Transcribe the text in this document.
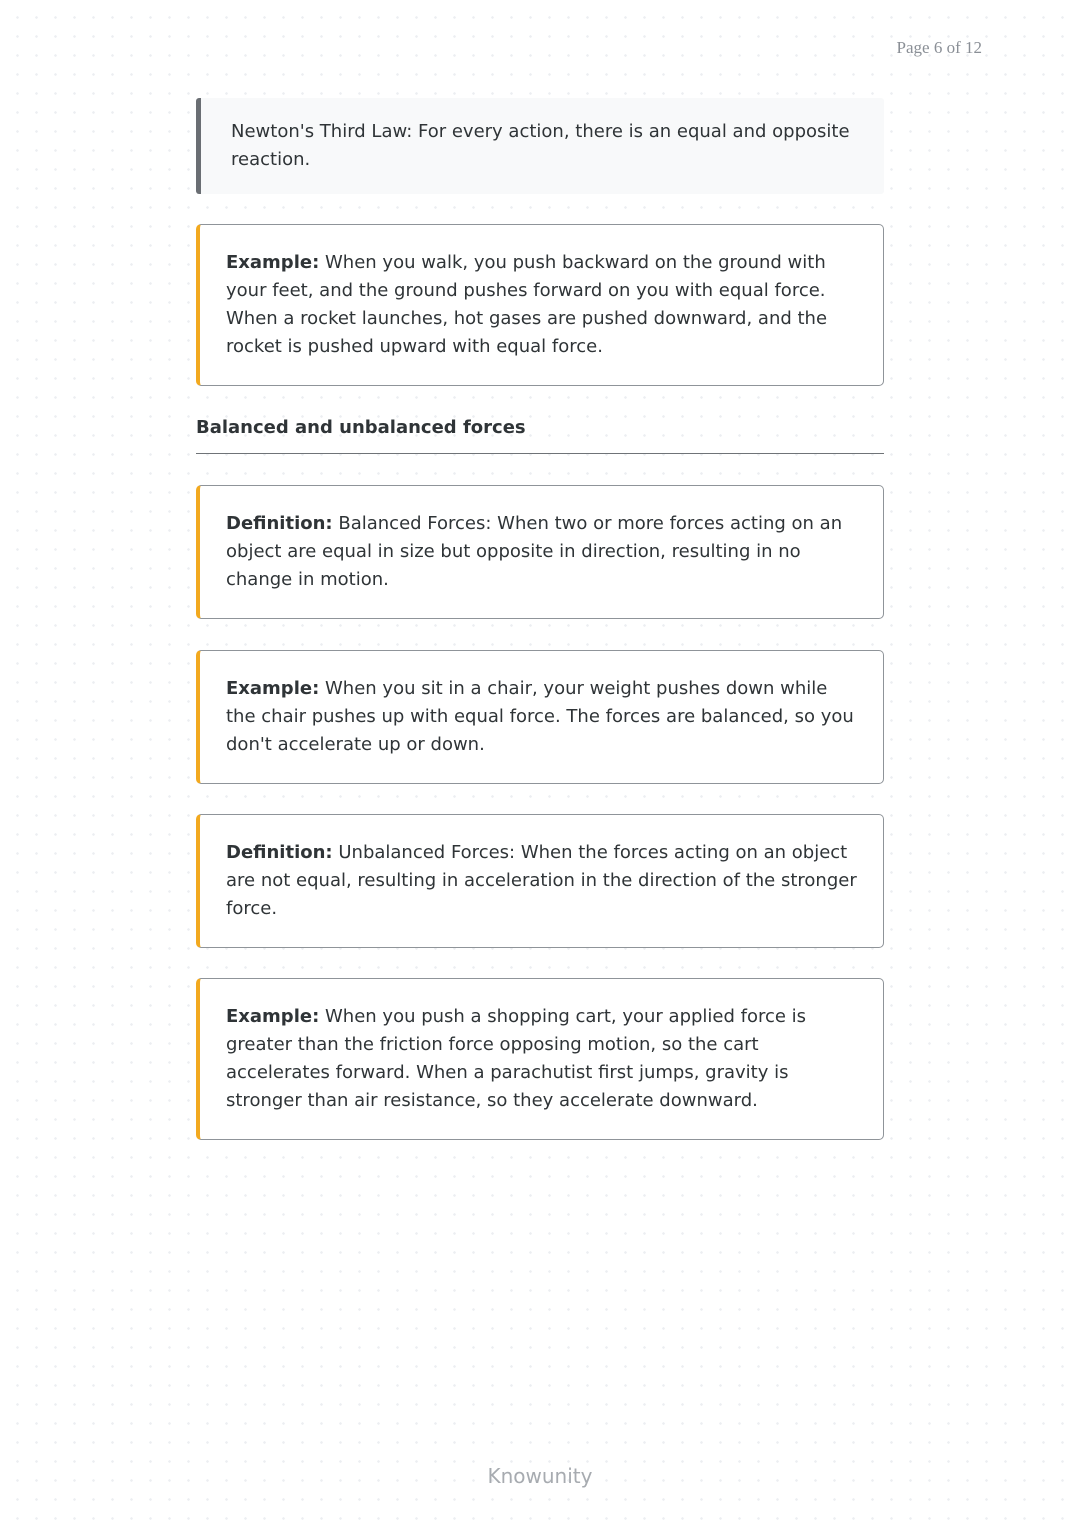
Page 6 of 12
Newton's Third Law: For every action, there is an equal and opposite reaction.
Example: When you walk, you push backward on the ground with your feet, and the ground pushes forward on you with equal force. When a rocket launches, hot gases are pushed downward, and the rocket is pushed upward with equal force.
Balanced and unbalanced forces
Definition: Balanced Forces: When two or more forces acting on an object are equal in size but opposite in direction, resulting in no change in motion.
Example: When you sit in a chair, your weight pushes down while the chair pushes up with equal force. The forces are balanced, so you don't accelerate up or down.
Definition: Unbalanced Forces: When the forces acting on an object are not equal, resulting in acceleration in the direction of the stronger force.
Example: When you push a shopping cart, your applied force is greater than the friction force opposing motion, so the cart accelerates forward. When a parachutist first jumps, gravity is stronger than air resistance, so they accelerate downward.
Knowunity
